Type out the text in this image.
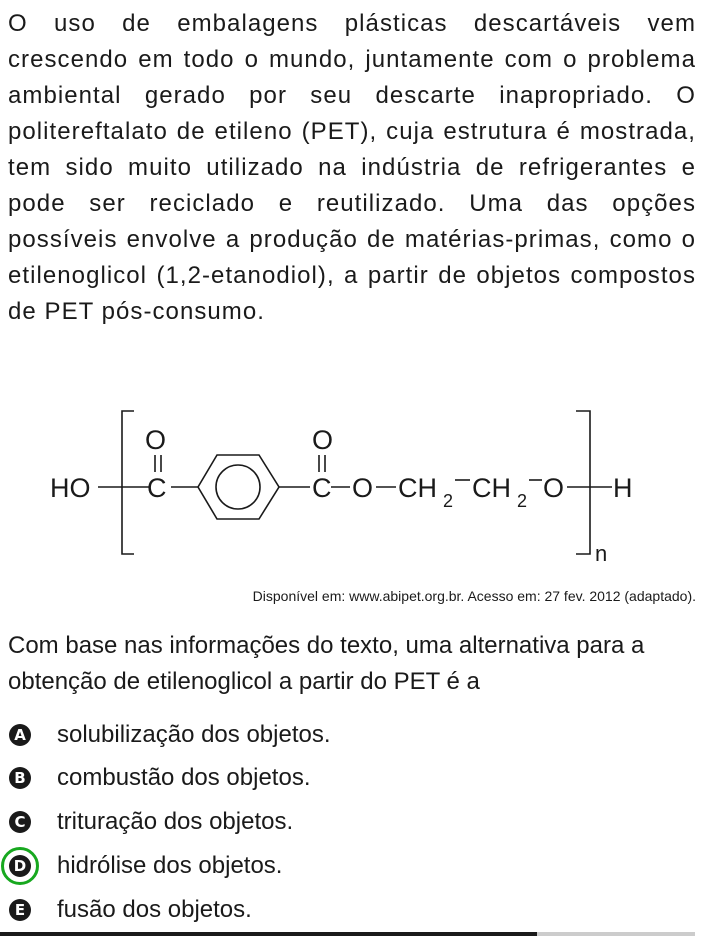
O uso de embalagens plásticas descartáveis vem crescendo em todo o mundo, juntamente com o problema ambiental gerado por seu descarte inapropriado. O politereftalato de etileno (PET), cuja estrutura é mostrada, tem sido muito utilizado na indústria de refrigerantes e pode ser reciclado e reutilizado. Uma das opções possíveis envolve a produção de matérias-primas, como o etilenoglicol (1,2-etanodiol), a partir de objetos compostos de PET pós-consumo.

HO
O
C
O
C O CH 2 CH 2 O
n
H
Disponível em: www.abipet.org.br. Acesso em: 27 fev. 2012 (adaptado).

Com base nas informações do texto, uma alternativa para a obtenção de etilenoglicol a partir do PET é a

A solubilização dos objetos.
B combustão dos objetos.
C trituração dos objetos.
D hidrólise dos objetos.
E fusão dos objetos.
